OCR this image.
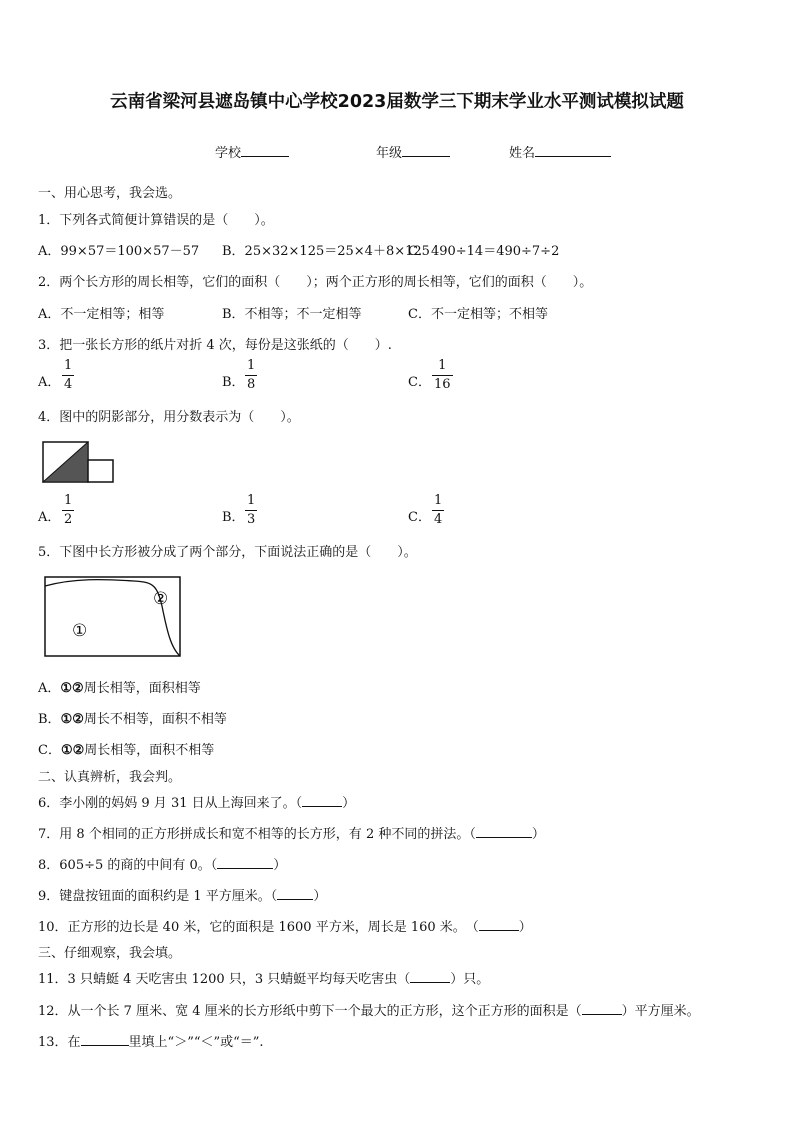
云南省梁河县遮岛镇中心学校2023届数学三下期末学业水平测试模拟试题
学校	年级	姓名
一、用心思考，我会选。
1．下列各式简便计算错误的是（　　）。
A．99×57＝100×57－57 B．25×32×125＝25×4＋8×125
C．490÷14＝490÷7÷2
2．两个长方形的周长相等，它们的面积（　　）；两个正方形的周长相等，它们的面积（　　）。
A．不一定相等；相等	B．不相等；不一定相等	C．不一定相等；不相等
3．把一张长方形的纸片对折 4 次，每份是这张纸的（　　）.
A．
1
4	B．
1
8	C．
1
16
4．图中的阴影部分，用分数表示为（　　）。
A．
1
2	B．
1
3	C．
1
4
5．下图中长方形被分成了两个部分，下面说法正确的是（　　）。
②
①
A．①②周长相等，面积相等
B．①②周长不相等，面积不相等
C．①②周长相等，面积不相等
二、认真辨析，我会判。
6．李小刚的妈妈 9 月 31 日从上海回来了。（	）
7．用 8 个相同的正方形拼成长和宽不相等的长方形，有 2 种不同的拼法。（	）
8．605÷5 的商的中间有 0。（	）
9．键盘按钮面的面积约是 1 平方厘米。（	）
10．正方形的边长是 40 米，它的面积是 1600 平方米，周长是 160 米。　（	）
三、仔细观察，我会填。
11．3 只蜻蜓 4 天吃害虫 1200 只，3 只蜻蜓平均每天吃害虫（	）只。
12．从一个长 7 厘米、宽 4 厘米的长方形纸中剪下一个最大的正方形，这个正方形的面积是（	）平方厘米。
13．在	里填上“＞”“＜”或“＝”.
